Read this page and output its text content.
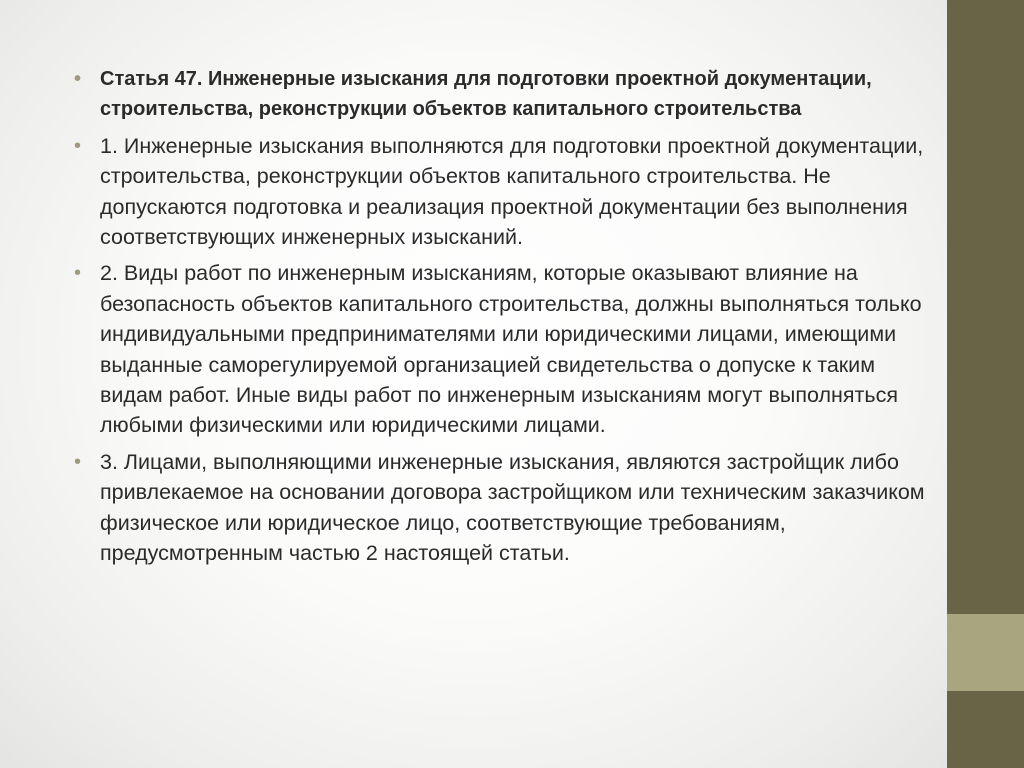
• Статья 47. Инженерные изыскания для подготовки проектной документации, строительства, реконструкции объектов капитального строительства
• 1. Инженерные изыскания выполняются для подготовки проектной документации, строительства, реконструкции объектов капитального строительства. Не допускаются подготовка и реализация проектной документации без выполнения соответствующих инженерных изысканий.
• 2. Виды работ по инженерным изысканиям, которые оказывают влияние на безопасность объектов капитального строительства, должны выполняться только индивидуальными предпринимателями или юридическими лицами, имеющими выданные саморегулируемой организацией свидетельства о допуске к таким видам работ. Иные виды работ по инженерным изысканиям могут выполняться любыми физическими или юридическими лицами.
• 3. Лицами, выполняющими инженерные изыскания, являются застройщик либо привлекаемое на основании договора застройщиком или техническим заказчиком физическое или юридическое лицо, соответствующие требованиям, предусмотренным частью 2 настоящей статьи.
